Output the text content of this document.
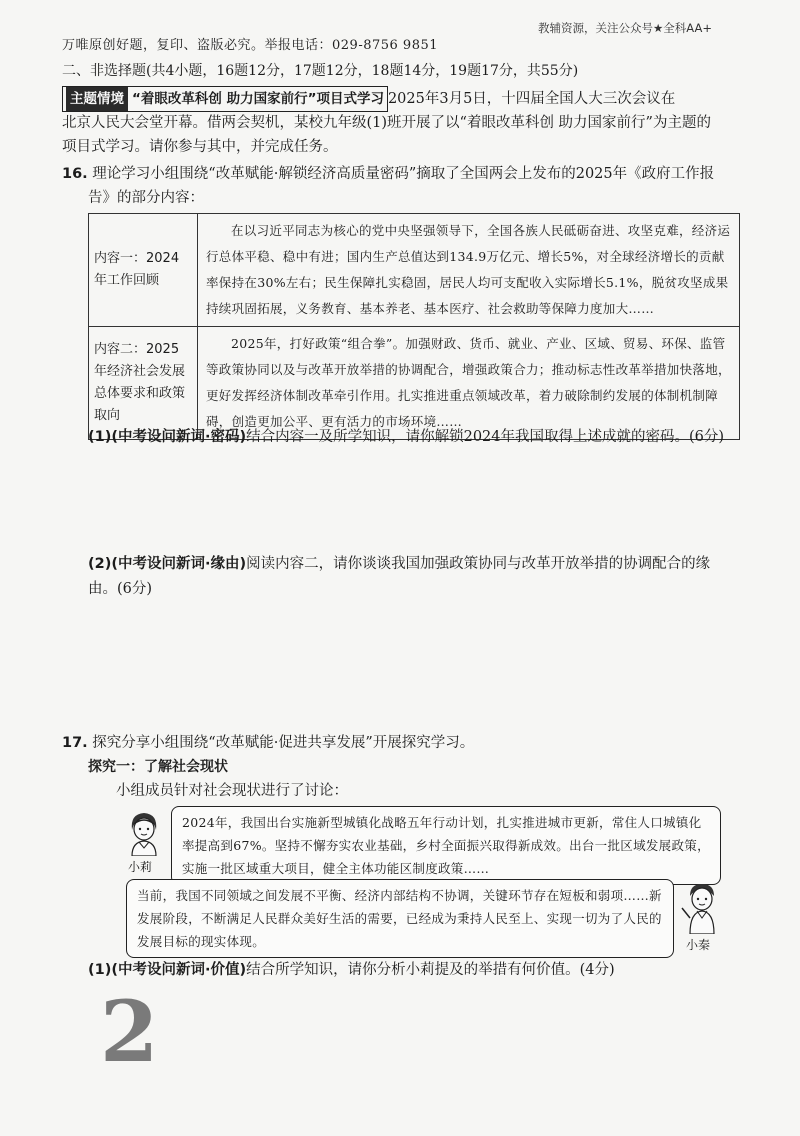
万唯原创好题，复印、盗版必究。举报电话：029-8756 9851
教辅资源，关注公众号★全科AA+
二、非选择题(共4小题，16题12分，17题12分，18题14分，19题17分，共55分)
主题情境 “着眼改革科创 助力国家前行”项目式学习 2025年3月5日，十四届全国人大三次会议在
北京人民大会堂开幕。借两会契机，某校九年级(1)班开展了以“着眼改革科创 助力国家前行”为主题的
项目式学习。请你参与其中，并完成任务。
16. 理论学习小组围绕“改革赋能·解锁经济高质量密码”摘取了全国两会上发布的2025年《政府工作报
告》的部分内容：
内容一：2024年工作回顾	在以习近平同志为核心的党中央坚强领导下，全国各族人民砥砺奋进、攻坚克难，经济运行总体平稳、稳中有进；国内生产总值达到134.9万亿元、增长5%，对全球经济增长的贡献率保持在30%左右；民生保障扎实稳固，居民人均可支配收入实际增长5.1%，脱贫攻坚成果持续巩固拓展，义务教育、基本养老、基本医疗、社会救助等保障力度加大……
内容二：2025年经济社会发展总体要求和政策取向	2025年，打好政策“组合拳”。加强财政、货币、就业、产业、区域、贸易、环保、监管等政策协同以及与改革开放举措的协调配合，增强政策合力；推动标志性改革举措加快落地，更好发挥经济体制改革牵引作用。扎实推进重点领域改革，着力破除制约发展的体制机制障碍，创造更加公平、更有活力的市场环境……
(1)(中考设问新词·密码)结合内容一及所学知识，请你解锁2024年我国取得上述成就的密码。(6分)
(2)(中考设问新词·缘由)阅读内容二，请你谈谈我国加强政策协同与改革开放举措的协调配合的缘
由。(6分)
17. 探究分享小组围绕“改革赋能·促进共享发展”开展探究学习。
探究一：了解社会现状
小组成员针对社会现状进行了讨论：
小莉
2024年，我国出台实施新型城镇化战略五年行动计划，扎实推进城市更新，常住人口城镇化率提高到67%。坚持不懈夯实农业基础，乡村全面振兴取得新成效。出台一批区域发展政策，实施一批区域重大项目，健全主体功能区制度政策……
当前，我国不同领域之间发展不平衡、经济内部结构不协调，关键环节存在短板和弱项……新发展阶段，不断满足人民群众美好生活的需要，已经成为秉持人民至上、实现一切为了人民的发展目标的现实体现。	小秦
(1)(中考设问新词·价值)结合所学知识，请你分析小莉提及的举措有何价值。(4分)
2
